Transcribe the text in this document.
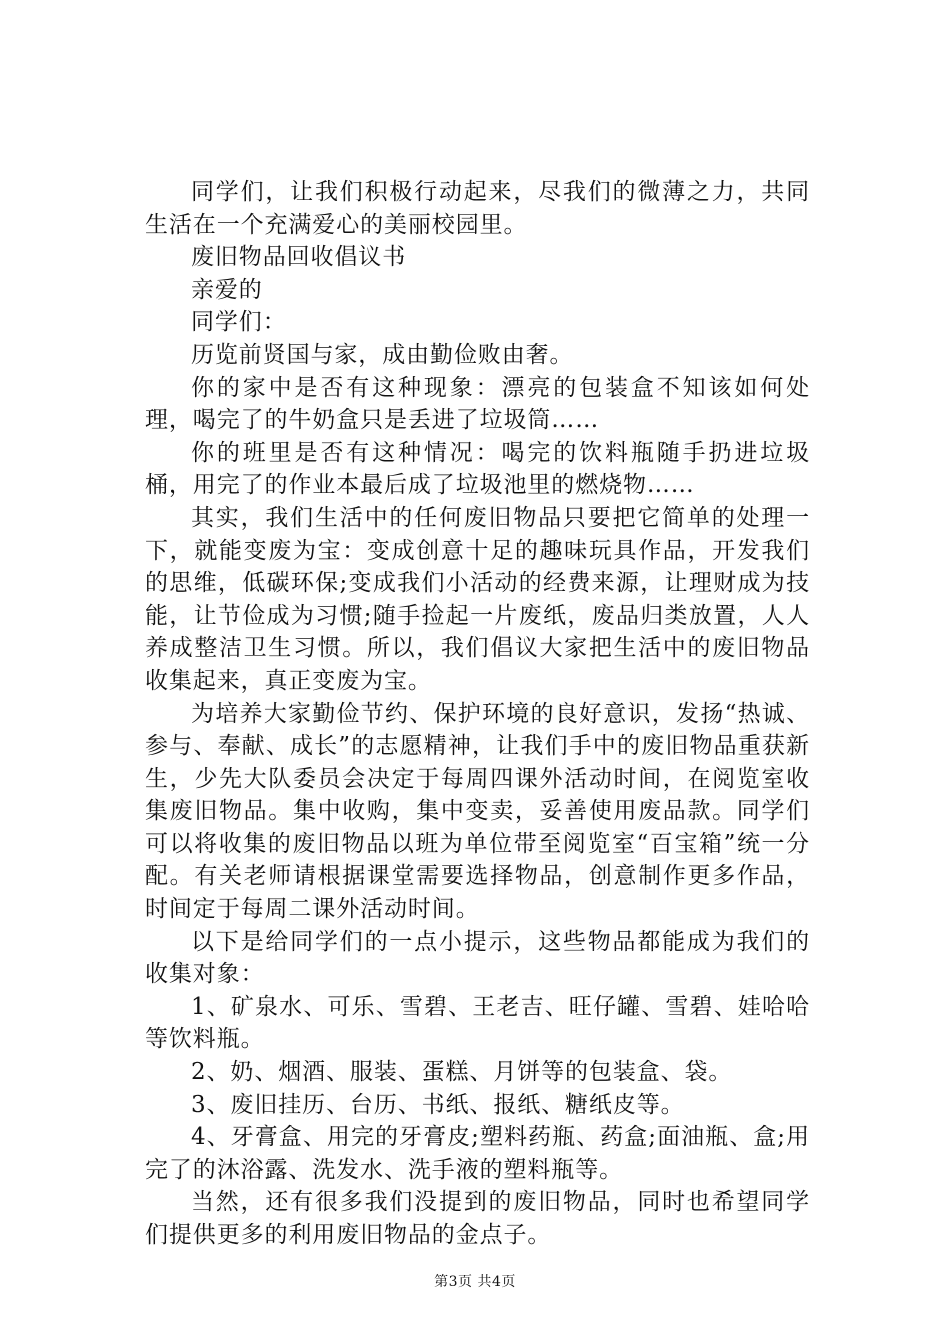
同学们，让我们积极行动起来，尽我们的微薄之力，共同生活在一个充满爱心的美丽校园里。

废旧物品回收倡议书

亲爱的

同学们：

历览前贤国与家，成由勤俭败由奢。

你的家中是否有这种现象：漂亮的包装盒不知该如何处理，喝完了的牛奶盒只是丢进了垃圾筒……

你的班里是否有这种情况：喝完的饮料瓶随手扔进垃圾桶，用完了的作业本最后成了垃圾池里的燃烧物……

其实，我们生活中的任何废旧物品只要把它简单的处理一下，就能变废为宝：变成创意十足的趣味玩具作品，开发我们的思维，低碳环保;变成我们小活动的经费来源，让理财成为技能，让节俭成为习惯;随手捡起一片废纸，废品归类放置，人人养成整洁卫生习惯。所以，我们倡议大家把生活中的废旧物品收集起来，真正变废为宝。

为培养大家勤俭节约、保护环境的良好意识，发扬“热诚、参与、奉献、成长”的志愿精神，让我们手中的废旧物品重获新生，少先大队委员会决定于每周四课外活动时间，在阅览室收集废旧物品。集中收购，集中变卖，妥善使用废品款。同学们可以将收集的废旧物品以班为单位带至阅览室“百宝箱”统一分配。有关老师请根据课堂需要选择物品，创意制作更多作品，时间定于每周二课外活动时间。

以下是给同学们的一点小提示，这些物品都能成为我们的收集对象：

1、矿泉水、可乐、雪碧、王老吉、旺仔罐、雪碧、娃哈哈等饮料瓶。

2、奶、烟酒、服装、蛋糕、月饼等的包装盒、袋。

3、废旧挂历、台历、书纸、报纸、糖纸皮等。

4、牙膏盒、用完的牙膏皮;塑料药瓶、药盒;面油瓶、盒;用完了的沐浴露、洗发水、洗手液的塑料瓶等。

当然，还有很多我们没提到的废旧物品，同时也希望同学们提供更多的利用废旧物品的金点子。

第3页 共4页
